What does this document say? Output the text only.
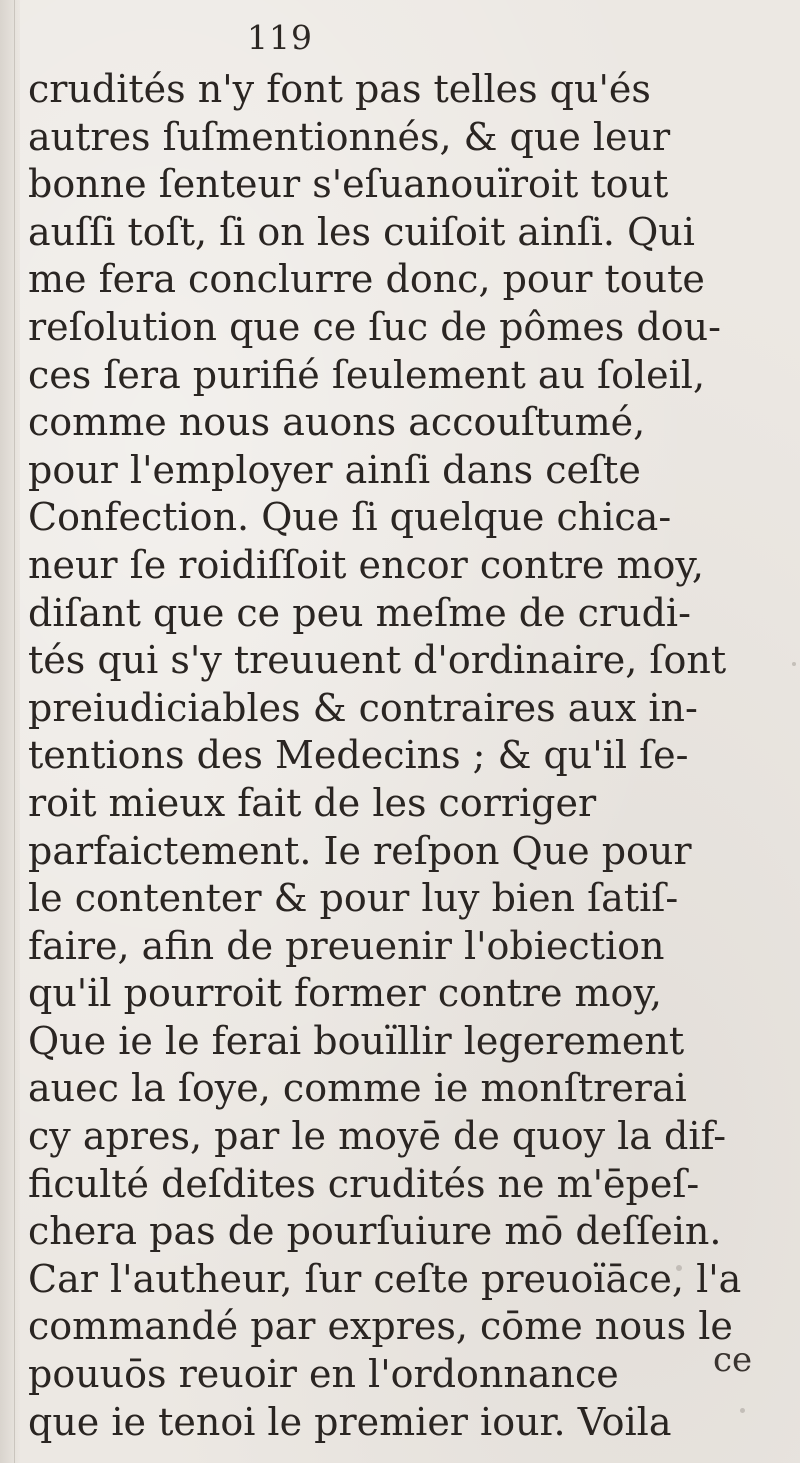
119
crudités n'y font pas telles qu'és
autres ſuſmentionnés, & que leur
bonne ſenteur s'eſuanouïroit tout
auſſi toſt, ſi on les cuiſoit ainſi. Qui
me fera conclurre donc, pour toute
reſolution que ce ſuc de pômes dou-
ces ſera purifié ſeulement au ſoleil,
comme nous auons accouſtumé,
pour l'employer ainſi dans ceſte
Confection. Que ſi quelque chica-
neur ſe roidiſſoit encor contre moy,
diſant que ce peu meſme de crudi-
tés qui s'y treuuent d'ordinaire, ſont
preiudiciables & contraires aux in-
tentions des Medecins ; & qu'il ſe-
roit mieux fait de les corriger
parfaictement. Ie reſpon Que pour
le contenter & pour luy bien ſatiſ-
faire, afin de preuenir l'obiection
qu'il pourroit former contre moy,
Que ie le ferai bouïllir legerement
auec la ſoye, comme ie monſtrerai
cy apres, par le moyē de quoy la dif-
ficulté deſdites crudités ne m'ēpeſ-
chera pas de pourſuiure mō deſſein.
Car l'autheur, ſur ceſte preuoïāce, l'a
commandé par expres, cōme nous le
pouuōs reuoir en l'ordonnance
que ie tenoi le premier iour. Voila
ce
